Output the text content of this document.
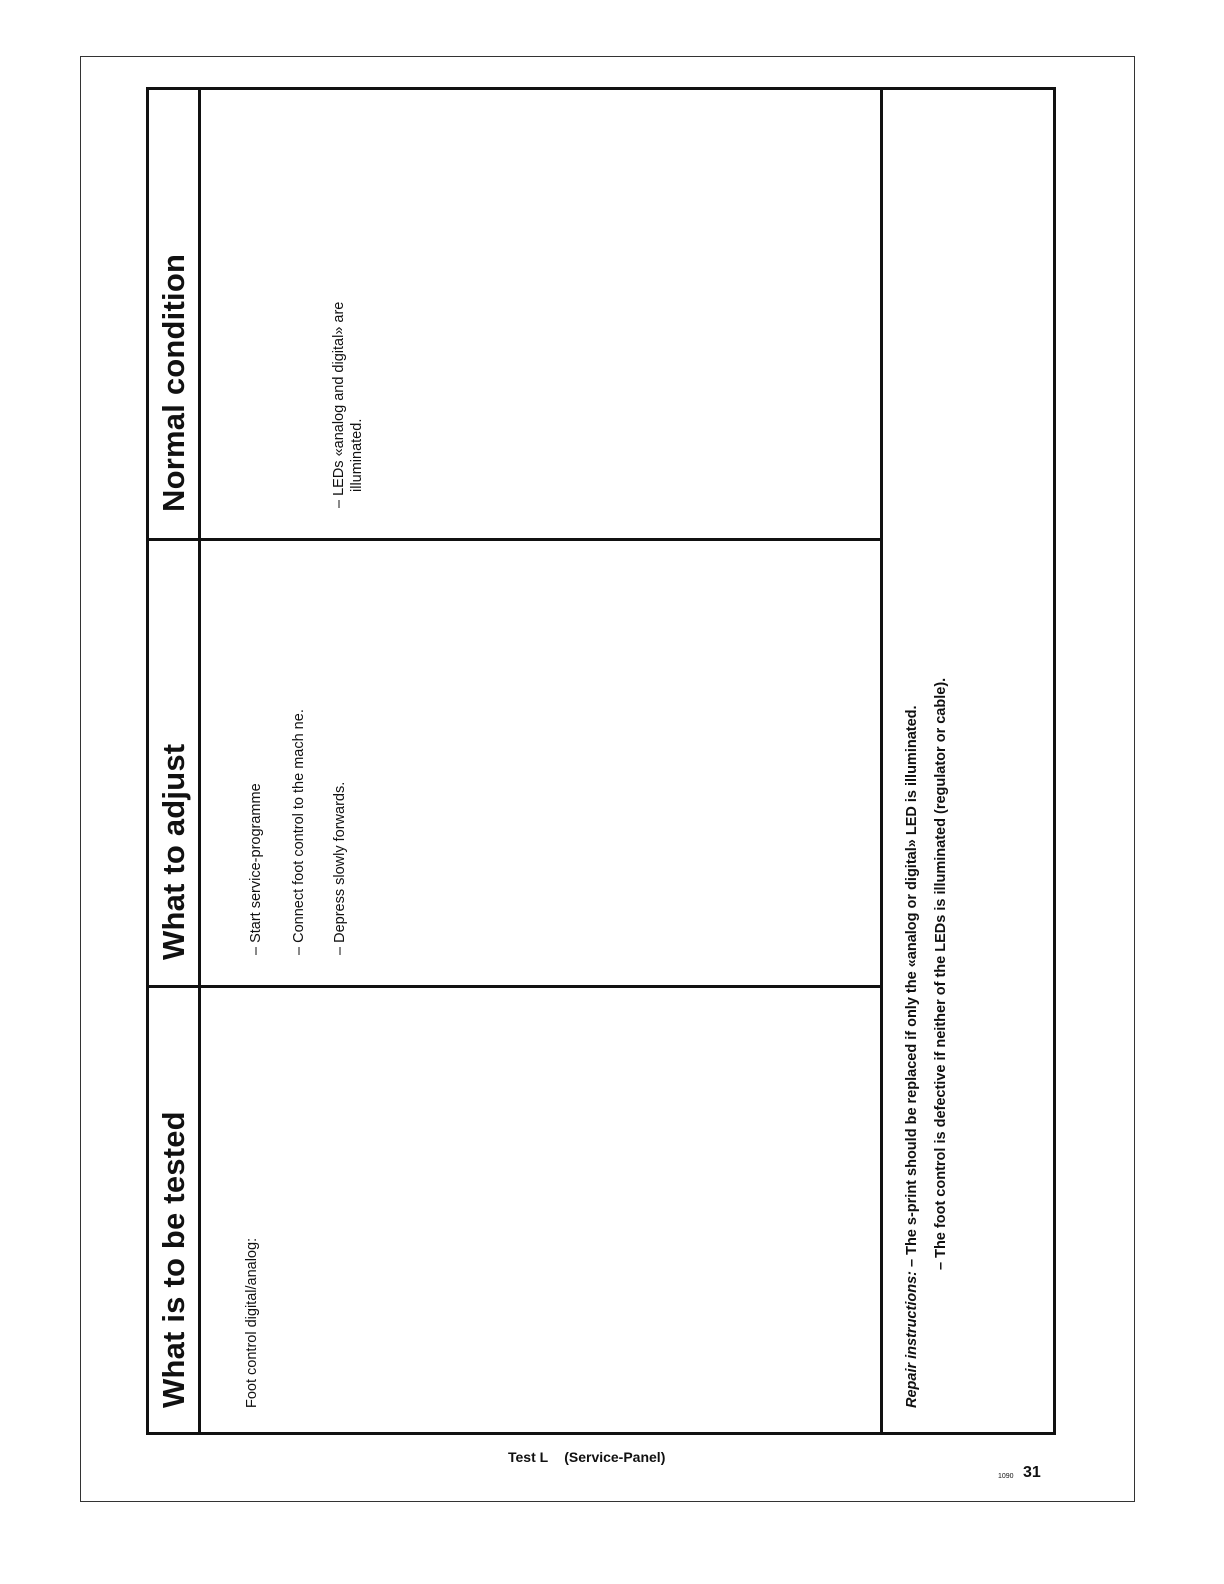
What is to be tested
What to adjust
Normal condition
Foot control digital/analog:
– Start service-programme – Connect foot control to the mach ne. – Depress slowly forwards.
– LEDs «analog and digital» are illuminated.
Repair instructions: – The s-print should be replaced if only the «analog or digital» LED is illuminated. – The foot control is defective if neither of the LEDs is illuminated (regulator or cable).
Test L (Service-Panel)
1090 31
